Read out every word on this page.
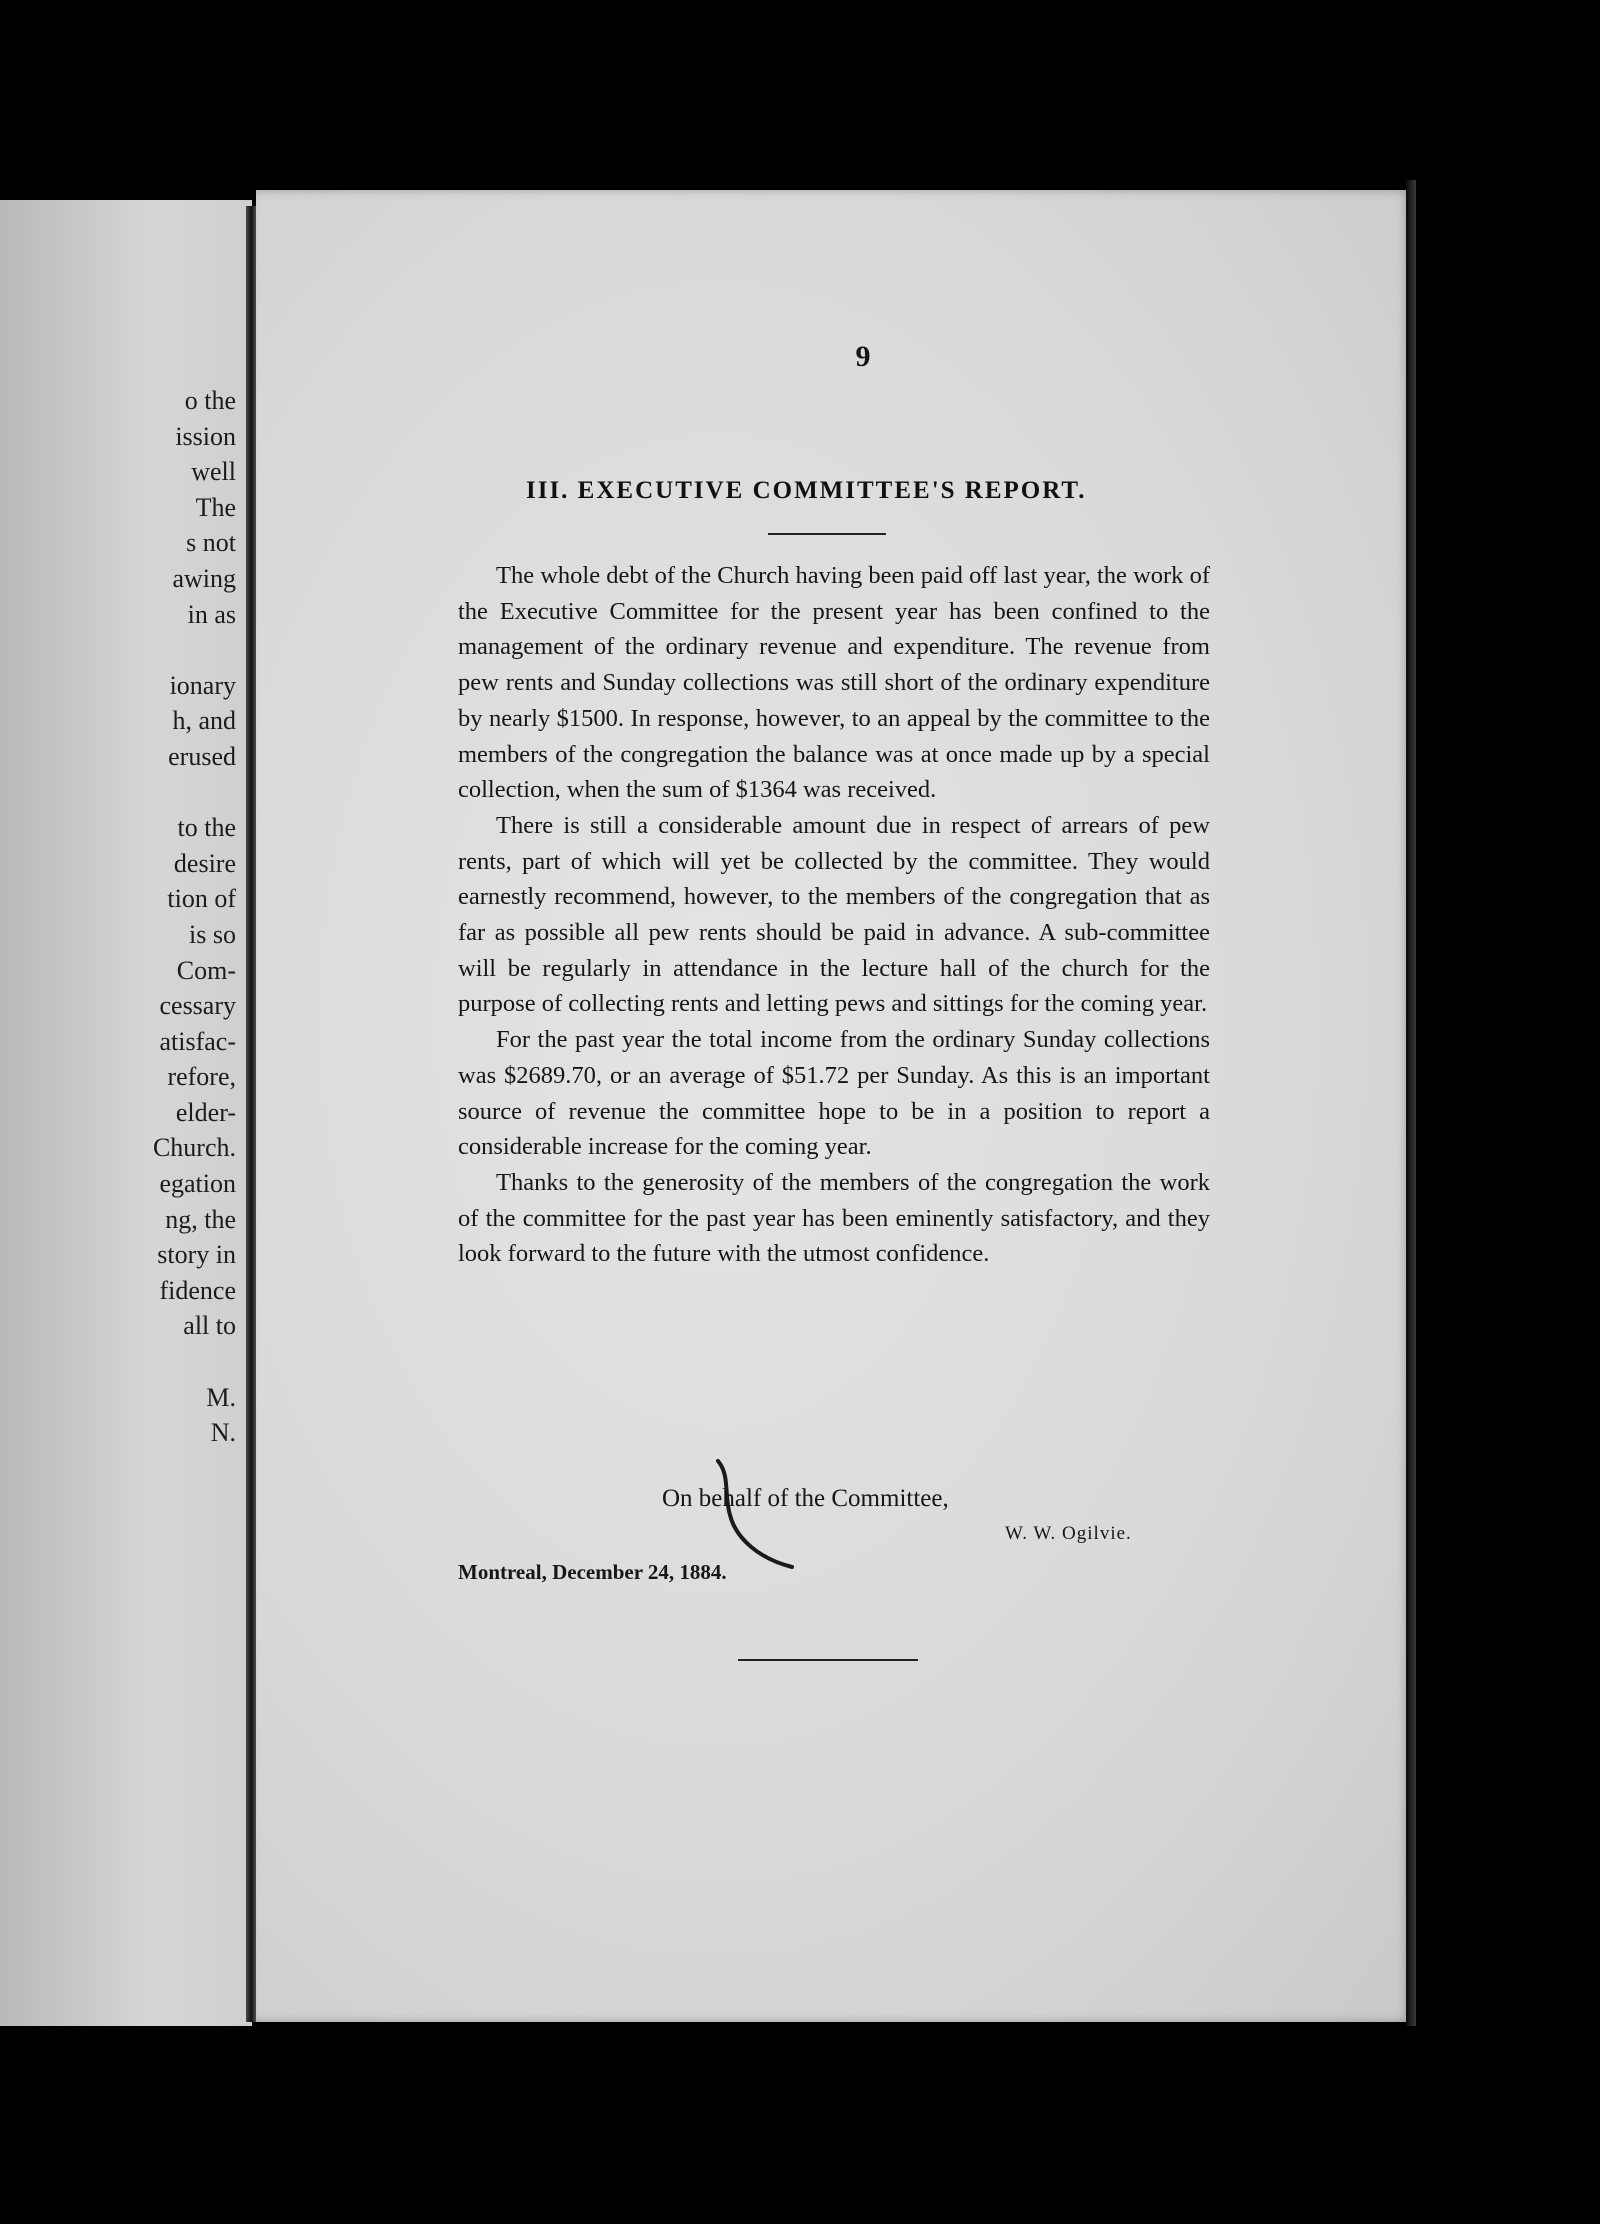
o the
ission
well
The
s not
awing
in as

ionary
h, and
erused

to the
desire
tion of
is so
Com-
cessary
atisfac-
refore,
elder-
Church.
egation
ng, the
story in
fidence
all to

M.
N.
9
III. EXECUTIVE COMMITTEE'S REPORT.

The whole debt of the Church having been paid off last year, the work of the Executive Committee for the present year has been confined to the management of the ordinary revenue and expenditure. The revenue from pew rents and Sunday collections was still short of the ordinary expenditure by nearly $1500. In response, however, to an appeal by the committee to the members of the congregation the balance was at once made up by a special collection, when the sum of $1364 was received.

There is still a considerable amount due in respect of arrears of pew rents, part of which will yet be collected by the committee. They would earnestly recommend, however, to the members of the congregation that as far as possible all pew rents should be paid in advance. A sub-committee will be regularly in attendance in the lecture hall of the church for the purpose of collecting rents and letting pews and sittings for the coming year.

For the past year the total income from the ordinary Sunday collections was $2689.70, or an average of $51.72 per Sunday. As this is an important source of revenue the committee hope to be in a position to report a considerable increase for the coming year.

Thanks to the generosity of the members of the congregation the work of the committee for the past year has been eminently satisfactory, and they look forward to the future with the utmost confidence.

On behalf of the Committee,
W. W. Ogilvie.
Montreal, December 24, 1884.
